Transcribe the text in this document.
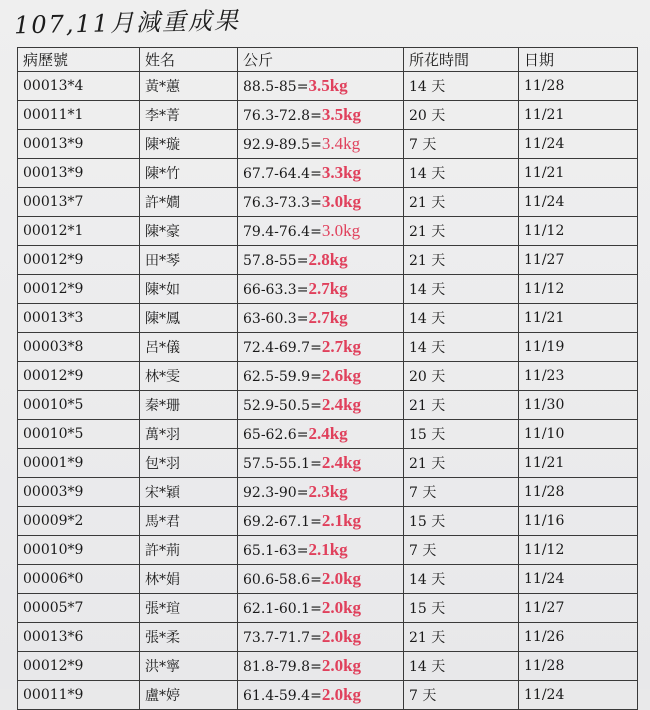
107,11月減重成果
病歷號	姓名	公斤	所花時間	日期
00013*4	黃*蕙	88.5-85=3.5kg	14 天	11/28
00011*1	李*菁	76.3-72.8=3.5kg	20 天	11/21
00013*9	陳*璇	92.9-89.5=3.4kg	7 天	11/24
00013*9	陳*竹	67.7-64.4=3.3kg	14 天	11/21
00013*7	許*嫺	76.3-73.3=3.0kg	21 天	11/24
00012*1	陳*豪	79.4-76.4=3.0kg	21 天	11/12
00012*9	田*琴	57.8-55=2.8kg	21 天	11/27
00012*9	陳*如	66-63.3=2.7kg	14 天	11/12
00013*3	陳*鳳	63-60.3=2.7kg	14 天	11/21
00003*8	呂*儀	72.4-69.7=2.7kg	14 天	11/19
00012*9	林*雯	62.5-59.9=2.6kg	20 天	11/23
00010*5	秦*珊	52.9-50.5=2.4kg	21 天	11/30
00010*5	萬*羽	65-62.6=2.4kg	15 天	11/10
00001*9	包*羽	57.5-55.1=2.4kg	21 天	11/21
00003*9	宋*穎	92.3-90=2.3kg	7 天	11/28
00009*2	馬*君	69.2-67.1=2.1kg	15 天	11/16
00010*9	許*荊	65.1-63=2.1kg	7 天	11/12
00006*0	林*娟	60.6-58.6=2.0kg	14 天	11/24
00005*7	張*瑄	62.1-60.1=2.0kg	15 天	11/27
00013*6	張*柔	73.7-71.7=2.0kg	21 天	11/26
00012*9	洪*寧	81.8-79.8=2.0kg	14 天	11/28
00011*9	盧*婷	61.4-59.4=2.0kg	7 天	11/24
